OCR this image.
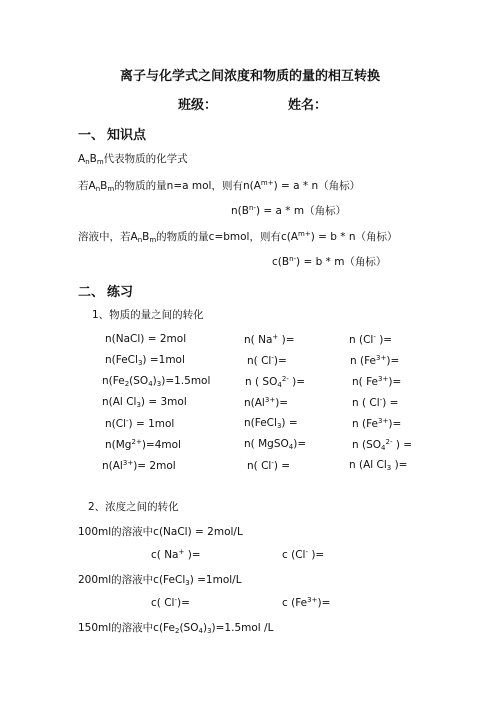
离子与化学式之间浓度和物质的量的相互转换
班级：	姓名：
一、 知识点
$A_nB_m$代表物质的化学式
若$A_nB_m$的物质的量n=a mol，则有$n(A^{m+}) = a * n$（角标）
$n(B^{n-}) = a * m$（角标）
溶液中，若$A_nB_m$的物质的量c=bmol，则有$c(A^{m+}) = b * n$（角标）
$c(B^{n-}) = b * m$（角标）
二、 练习
1、物质的量之间的转化
n(NaCl) = 2mol	n( Na+ )=	n (Cl- )=
n(FeCl$_3$) =1mol	n( Cl-)=	n $(Fe^{3+})=$
$n(Fe_2(SO_4)_3)=1.5mol$	n ( $SO_4^{2-}$ )=	n( $Fe^{3+})=$
n(Al $Cl_3) = 3mol$	$n(Al^{3+})=$	n ( Cl-) =
n(Cl-) = 1mol	n(FeCl$_3$) =	n $(Fe^{3+})=$
$n(Mg^{2+})=4mol$	n( MgSO$_4$)=	n ($SO_4^{2-}$ ) =
$n(Al^{3+})= 2mol$	n( Cl-) =	n (Al $Cl_3$ )=
2、浓度之间的转化
100ml的溶液中c(NaCl) = 2mol/L
c( Na+ )=	c (Cl- )=
200ml的溶液中c(FeCl$_3$) =1mol/L
c( Cl-)=	c $(Fe^{3+})=$
150ml的溶液中$c(Fe_2(SO_4)_3)=1.5mol$ /L
